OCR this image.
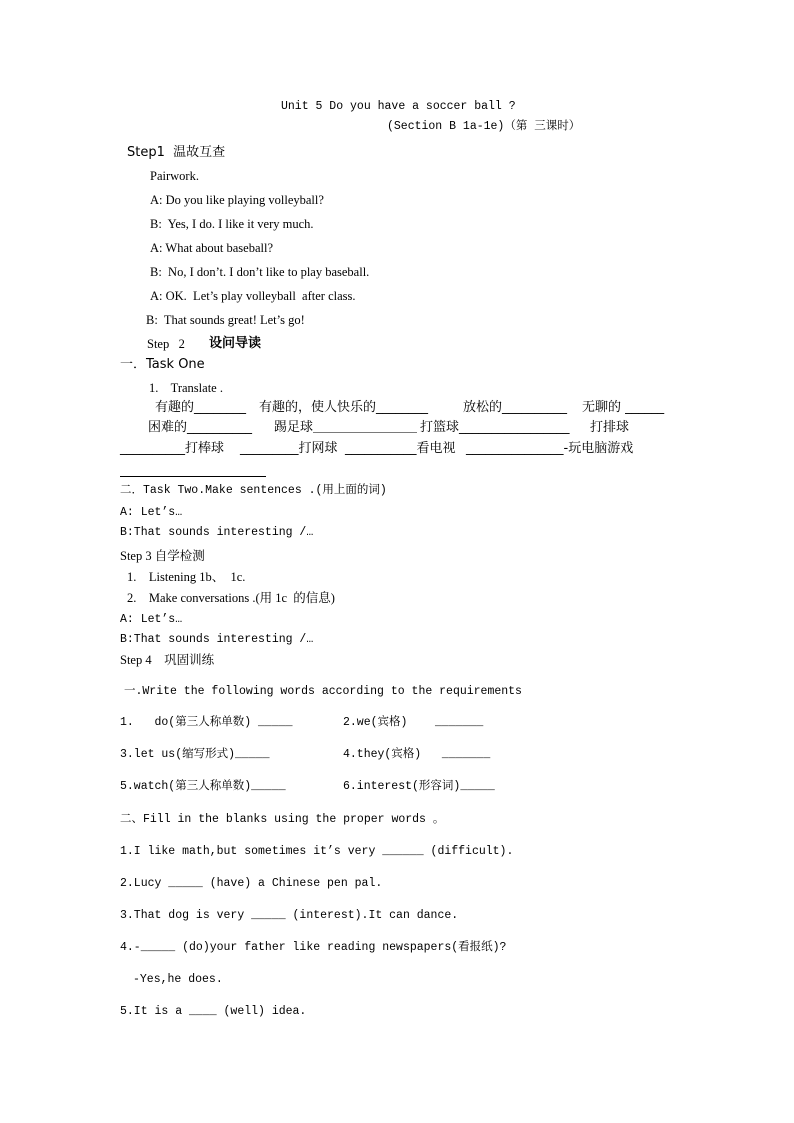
Unit 5 Do you have a soccer ball ?
(Section B 1a-1e)（第 三课时）
Step1  温故互查
Pairwork.
A: Do you like playing volleyball?
B:  Yes, I do. I like it very much.
A: What about baseball?
B:  No, I don’t. I don’t like to play baseball.
A: OK.  Let’s play volleyball  after class.
B:  That sounds great! Let’s go!
Step   2 设问导读
一．Task One
1.    Translate .
有趣的________ 有趣的，使人快乐的________	放松的__________ 无聊的 ______
困难的__________ 踢足球＿＿＿＿＿＿＿＿ 打篮球_________________ 打排球
__________打棒球 _________打网球 ___________看电视 _______________-玩电脑游戏
二．Task Two.Make sentences .(用上面的词)
A: Let’s…
B:That sounds interesting /…
Step 3 自学检测
1.    Listening 1b、  1c.
2.    Make conversations .(用 1c  的信息)
A: Let’s…
B:That sounds interesting /…
Step 4    巩固训练
一.Write the following words according to the requirements
1.   do(第三人称单数) _____	2.we(宾格)    _______
3.let us(缩写形式)_____	4.they(宾格)   _______
5.watch(第三人称单数)_____	6.interest(形容词)_____
二、Fill in the blanks using the proper words 。
1.I like math,but sometimes it’s very ______ (difficult).
2.Lucy _____ (have) a Chinese pen pal.
3.That dog is very _____ (interest).It can dance.
4.-_____ (do)your father like reading newspapers(看报纸)?
-Yes,he does.
5.It is a ____ (well) idea.
